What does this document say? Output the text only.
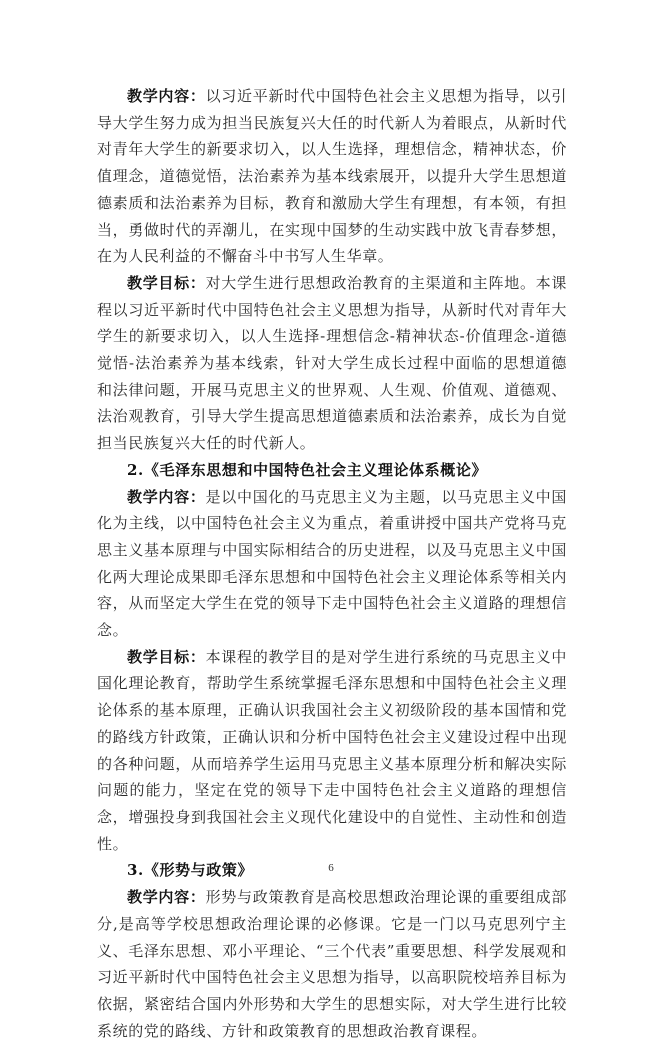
教学内容：以习近平新时代中国特色社会主义思想为指导，以引导大学生努力成为担当民族复兴大任的时代新人为着眼点，从新时代对青年大学生的新要求切入，以人生选择，理想信念，精神状态，价值理念，道德觉悟，法治素养为基本线索展开，以提升大学生思想道德素质和法治素养为目标，教育和激励大学生有理想，有本领，有担当，勇做时代的弄潮儿，在实现中国梦的生动实践中放飞青春梦想，在为人民利益的不懈奋斗中书写人生华章。

教学目标：对大学生进行思想政治教育的主渠道和主阵地。本课程以习近平新时代中国特色社会主义思想为指导，从新时代对青年大学生的新要求切入，以人生选择-理想信念-精神状态-价值理念-道德觉悟-法治素养为基本线索，针对大学生成长过程中面临的思想道德和法律问题，开展马克思主义的世界观、人生观、价值观、道德观、法治观教育，引导大学生提高思想道德素质和法治素养，成长为自觉担当民族复兴大任的时代新人。

2.《毛泽东思想和中国特色社会主义理论体系概论》

教学内容：是以中国化的马克思主义为主题，以马克思主义中国化为主线，以中国特色社会主义为重点，着重讲授中国共产党将马克思主义基本原理与中国实际相结合的历史进程，以及马克思主义中国化两大理论成果即毛泽东思想和中国特色社会主义理论体系等相关内容，从而坚定大学生在党的领导下走中国特色社会主义道路的理想信念。

教学目标：本课程的教学目的是对学生进行系统的马克思主义中国化理论教育，帮助学生系统掌握毛泽东思想和中国特色社会主义理论体系的基本原理，正确认识我国社会主义初级阶段的基本国情和党的路线方针政策，正确认识和分析中国特色社会主义建设过程中出现的各种问题，从而培养学生运用马克思主义基本原理分析和解决实际问题的能力，坚定在党的领导下走中国特色社会主义道路的理想信念，增强投身到我国社会主义现代化建设中的自觉性、主动性和创造性。

3.《形势与政策》

教学内容：形势与政策教育是高校思想政治理论课的重要组成部分,是高等学校思想政治理论课的必修课。它是一门以马克思列宁主义、毛泽东思想、邓小平理论、“三个代表”重要思想、科学发展观和习近平新时代中国特色社会主义思想为指导，以高职院校培养目标为依据，紧密结合国内外形势和大学生的思想实际，对大学生进行比较系统的党的路线、方针和政策教育的思想政治教育课程。

6
